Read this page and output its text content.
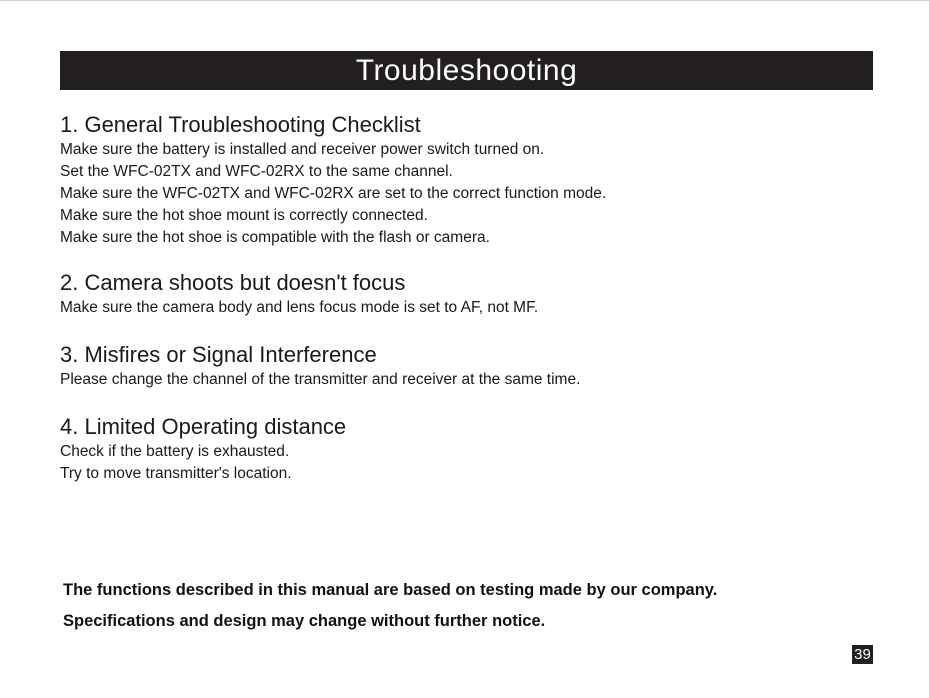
Troubleshooting
1. General Troubleshooting Checklist

Make sure the battery is installed and receiver power switch turned on.

Set the WFC-02TX and WFC-02RX to the same channel.

Make sure the WFC-02TX and WFC-02RX are set to the correct function mode.

Make sure the hot shoe mount is correctly connected.

Make sure the hot shoe is compatible with the flash or camera.

2. Camera shoots but doesn't focus

Make sure the camera body and lens focus mode is set to AF, not MF.

3. Misfires or Signal Interference

Please change the channel of the transmitter and receiver at the same time.

4. Limited Operating distance

Check if the battery is exhausted.

Try to move transmitter's location.

The functions described in this manual are based on testing made by our company.

Specifications and design may change without further notice.

39
